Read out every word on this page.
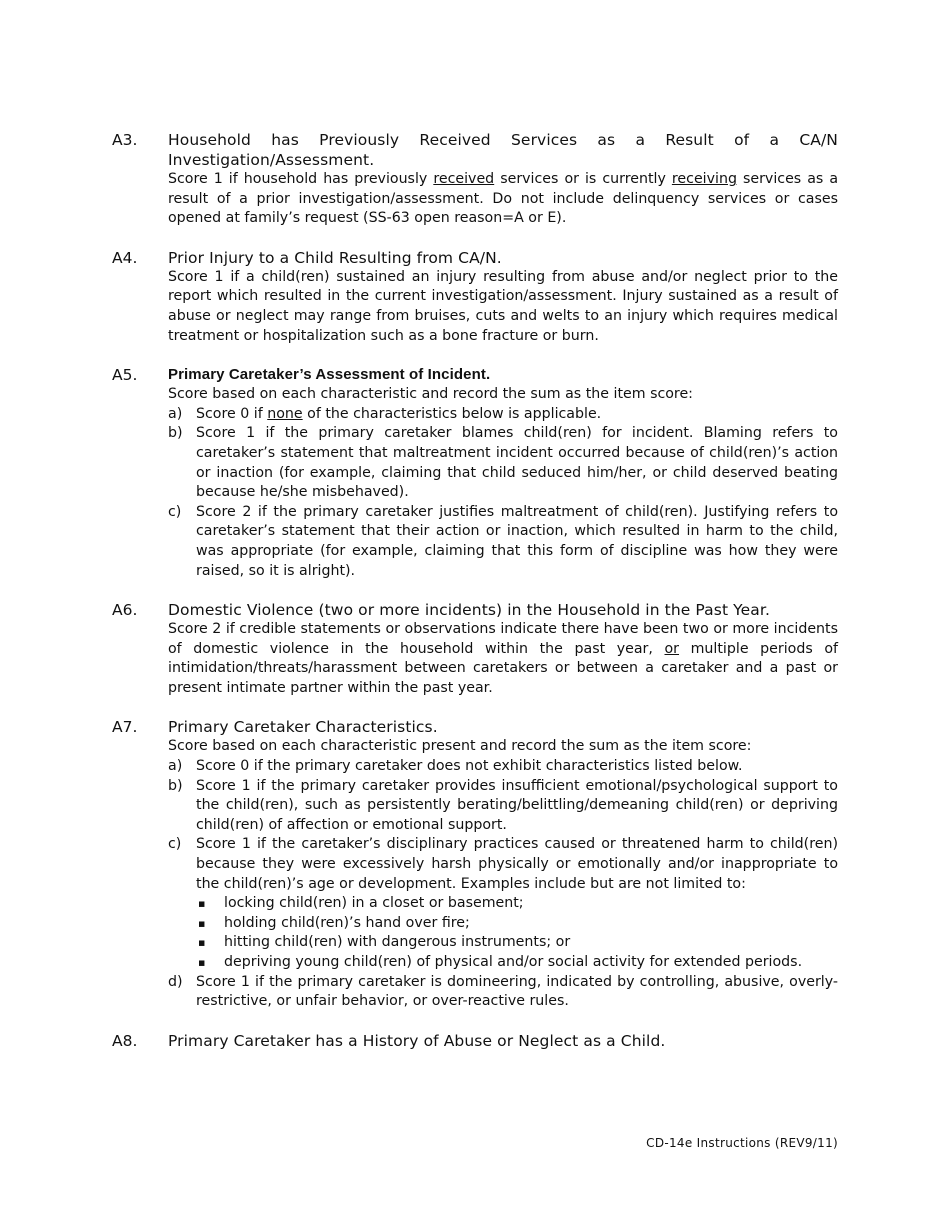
A3. Household has Previously Received Services as a Result of a CA/N Investigation/Assessment.
Score 1 if household has previously received services or is currently receiving services as a result of a prior investigation/assessment. Do not include delinquency services or cases opened at family’s request (SS-63 open reason=A or E).
A4. Prior Injury to a Child Resulting from CA/N.
Score 1 if a child(ren) sustained an injury resulting from abuse and/or neglect prior to the report which resulted in the current investigation/assessment. Injury sustained as a result of abuse or neglect may range from bruises, cuts and welts to an injury which requires medical treatment or hospitalization such as a bone fracture or burn.
A5. Primary Caretaker’s Assessment of Incident.
Score based on each characteristic and record the sum as the item score:
a) Score 0 if none of the characteristics below is applicable.
b) Score 1 if the primary caretaker blames child(ren) for incident. Blaming refers to caretaker’s statement that maltreatment incident occurred because of child(ren)’s action or inaction (for example, claiming that child seduced him/her, or child deserved beating because he/she misbehaved).
c) Score 2 if the primary caretaker justifies maltreatment of child(ren). Justifying refers to caretaker’s statement that their action or inaction, which resulted in harm to the child, was appropriate (for example, claiming that this form of discipline was how they were raised, so it is alright).
A6. Domestic Violence (two or more incidents) in the Household in the Past Year.
Score 2 if credible statements or observations indicate there have been two or more incidents of domestic violence in the household within the past year, or multiple periods of intimidation/threats/harassment between caretakers or between a caretaker and a past or present intimate partner within the past year.
A7. Primary Caretaker Characteristics.
Score based on each characteristic present and record the sum as the item score:
a) Score 0 if the primary caretaker does not exhibit characteristics listed below.
b) Score 1 if the primary caretaker provides insufficient emotional/psychological support to the child(ren), such as persistently berating/belittling/demeaning child(ren) or depriving child(ren) of affection or emotional support.
c) Score 1 if the caretaker’s disciplinary practices caused or threatened harm to child(ren) because they were excessively harsh physically or emotionally and/or inappropriate to the child(ren)’s age or development. Examples include but are not limited to:
▪ locking child(ren) in a closet or basement;
▪ holding child(ren)’s hand over fire;
▪ hitting child(ren) with dangerous instruments; or
▪ depriving young child(ren) of physical and/or social activity for extended periods.
d) Score 1 if the primary caretaker is domineering, indicated by controlling, abusive, overly-restrictive, or unfair behavior, or over-reactive rules.
A8. Primary Caretaker has a History of Abuse or Neglect as a Child.
CD-14e Instructions (REV9/11)
